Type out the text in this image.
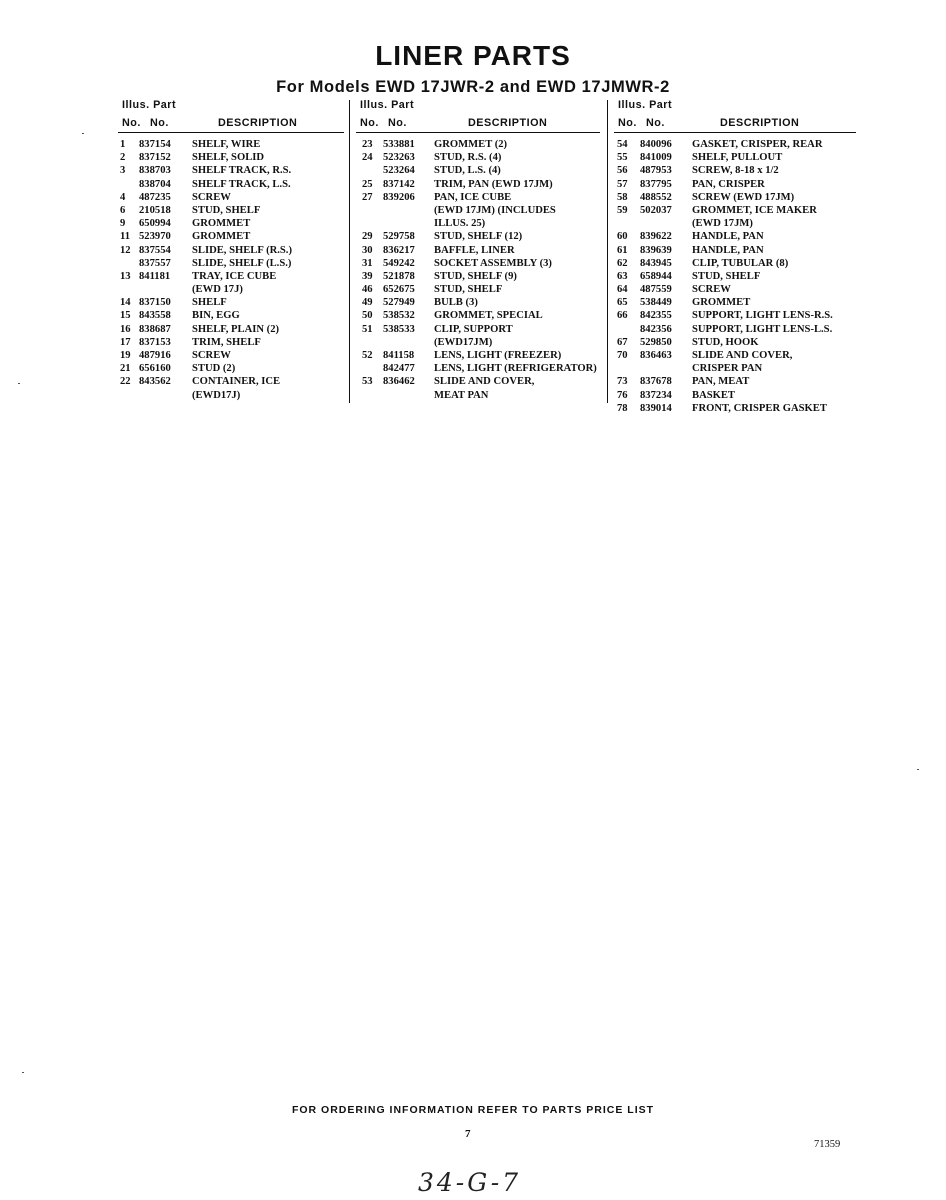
LINER PARTS
For Models EWD 17JWR-2 and EWD 17JMWR-2
Illus. Part
No. No.	DESCRIPTION
1 837154 SHELF, WIRE
2 837152 SHELF, SOLID
3 838703 SHELF TRACK, R.S.
838704 SHELF TRACK, L.S.
4 487235 SCREW
6 210518 STUD, SHELF
9 650994 GROMMET
11 523970 GROMMET
12 837554 SLIDE, SHELF (R.S.)
837557 SLIDE, SHELF (L.S.)
13 841181 TRAY, ICE CUBE
(EWD 17J)
14 837150 SHELF
15 843558 BIN, EGG
16 838687 SHELF, PLAIN (2)
17 837153 TRIM, SHELF
19 487916 SCREW
21 656160 STUD (2)
22 843562 CONTAINER, ICE
(EWD17J)
Illus. Part
No. No.	DESCRIPTION
23 533881 GROMMET (2)
24 523263 STUD, R.S. (4)
523264 STUD, L.S. (4)
25 837142 TRIM, PAN (EWD 17JM)
27 839206 PAN, ICE CUBE
(EWD 17JM) (INCLUDES
ILLUS. 25)
29 529758 STUD, SHELF (12)
30 836217 BAFFLE, LINER
31 549242 SOCKET ASSEMBLY (3)
39 521878 STUD, SHELF (9)
46 652675 STUD, SHELF
49 527949 BULB (3)
50 538532 GROMMET, SPECIAL
51 538533 CLIP, SUPPORT
(EWD17JM)
52 841158 LENS, LIGHT (FREEZER)
842477 LENS, LIGHT (REFRIGERATOR)
53 836462 SLIDE AND COVER,
MEAT PAN
Illus. Part
No. No.	DESCRIPTION
54 840096 GASKET, CRISPER, REAR
55 841009 SHELF, PULLOUT
56 487953 SCREW, 8-18 x 1/2
57 837795 PAN, CRISPER
58 488552 SCREW (EWD 17JM)
59 502037 GROMMET, ICE MAKER
(EWD 17JM)
60 839622 HANDLE, PAN
61 839639 HANDLE, PAN
62 843945 CLIP, TUBULAR (8)
63 658944 STUD, SHELF
64 487559 SCREW
65 538449 GROMMET
66 842355 SUPPORT, LIGHT LENS-R.S.
842356 SUPPORT, LIGHT LENS-L.S.
67 529850 STUD, HOOK
70 836463 SLIDE AND COVER,
CRISPER PAN
73 837678 PAN, MEAT
76 837234 BASKET
78 839014 FRONT, CRISPER GASKET
FOR ORDERING INFORMATION REFER TO PARTS PRICE LIST
7
71359
34-G-7
